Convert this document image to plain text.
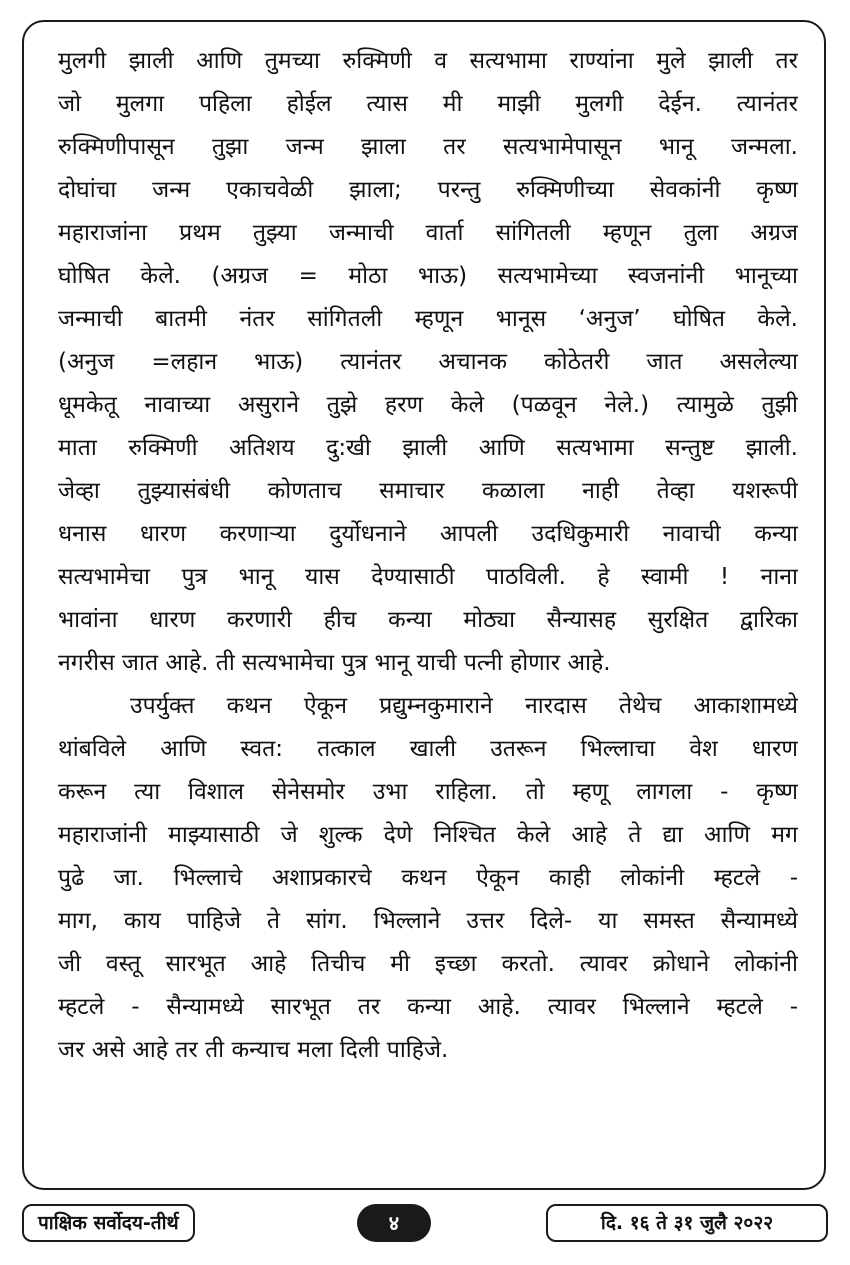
मुलगी झाली आणि तुमच्या रुक्मिणी व सत्यभामा राण्यांना मुले झाली तर
जो मुलगा पहिला होईल त्यास मी माझी मुलगी देईन. त्यानंतर
रुक्मिणीपासून तुझा जन्म झाला तर सत्यभामेपासून भानू जन्मला.
दोघांचा जन्म एकाचवेळी झाला; परन्तु रुक्मिणीच्या सेवकांनी कृष्ण
महाराजांना प्रथम तुझ्या जन्माची वार्ता सांगितली म्हणून तुला अग्रज
घोषित केले. (अग्रज = मोठा भाऊ) सत्यभामेच्या स्वजनांनी भानूच्या
जन्माची बातमी नंतर सांगितली म्हणून भानूस ‘अनुज’ घोषित केले.
(अनुज =लहान भाऊ) त्यानंतर अचानक कोठेतरी जात असलेल्या
धूमकेतू नावाच्या असुराने तुझे हरण केले (पळवून नेले.) त्यामुळे तुझी
माता रुक्मिणी अतिशय दु:खी झाली आणि सत्यभामा सन्तुष्ट झाली.
जेव्हा तुझ्यासंबंधी कोणताच समाचार कळाला नाही तेव्हा यशरूपी
धनास धारण करणाऱ्या दुर्योधनाने आपली उदधिकुमारी नावाची कन्या
सत्यभामेचा पुत्र भानू यास देण्यासाठी पाठविली. हे स्वामी ! नाना
भावांना धारण करणारी हीच कन्या मोठ्या सैन्यासह सुरक्षित द्वारिका
नगरीस जात आहे. ती सत्यभामेचा पुत्र भानू याची पत्नी होणार आहे.
उपर्युक्त कथन ऐकून प्रद्युम्नकुमाराने नारदास तेथेच आकाशामध्ये
थांबविले आणि स्वत: तत्काल खाली उतरून भिल्लाचा वेश धारण
करून त्या विशाल सेनेसमोर उभा राहिला. तो म्हणू लागला - कृष्ण
महाराजांनी माझ्यासाठी जे शुल्क देणे निश्चित केले आहे ते द्या आणि मग
पुढे जा. भिल्लाचे अशाप्रकारचे कथन ऐकून काही लोकांनी म्हटले -
माग, काय पाहिजे ते सांग. भिल्लाने उत्तर दिले- या समस्त सैन्यामध्ये
जी वस्तू सारभूत आहे तिचीच मी इच्छा करतो. त्यावर क्रोधाने लोकांनी
म्हटले - सैन्यामध्ये सारभूत तर कन्या आहे. त्यावर भिल्लाने म्हटले -
जर असे आहे तर ती कन्याच मला दिली पाहिजे.
पाक्षिक सर्वोदय-तीर्थ	४	दि. १६ ते ३१ जुलै २०२२
